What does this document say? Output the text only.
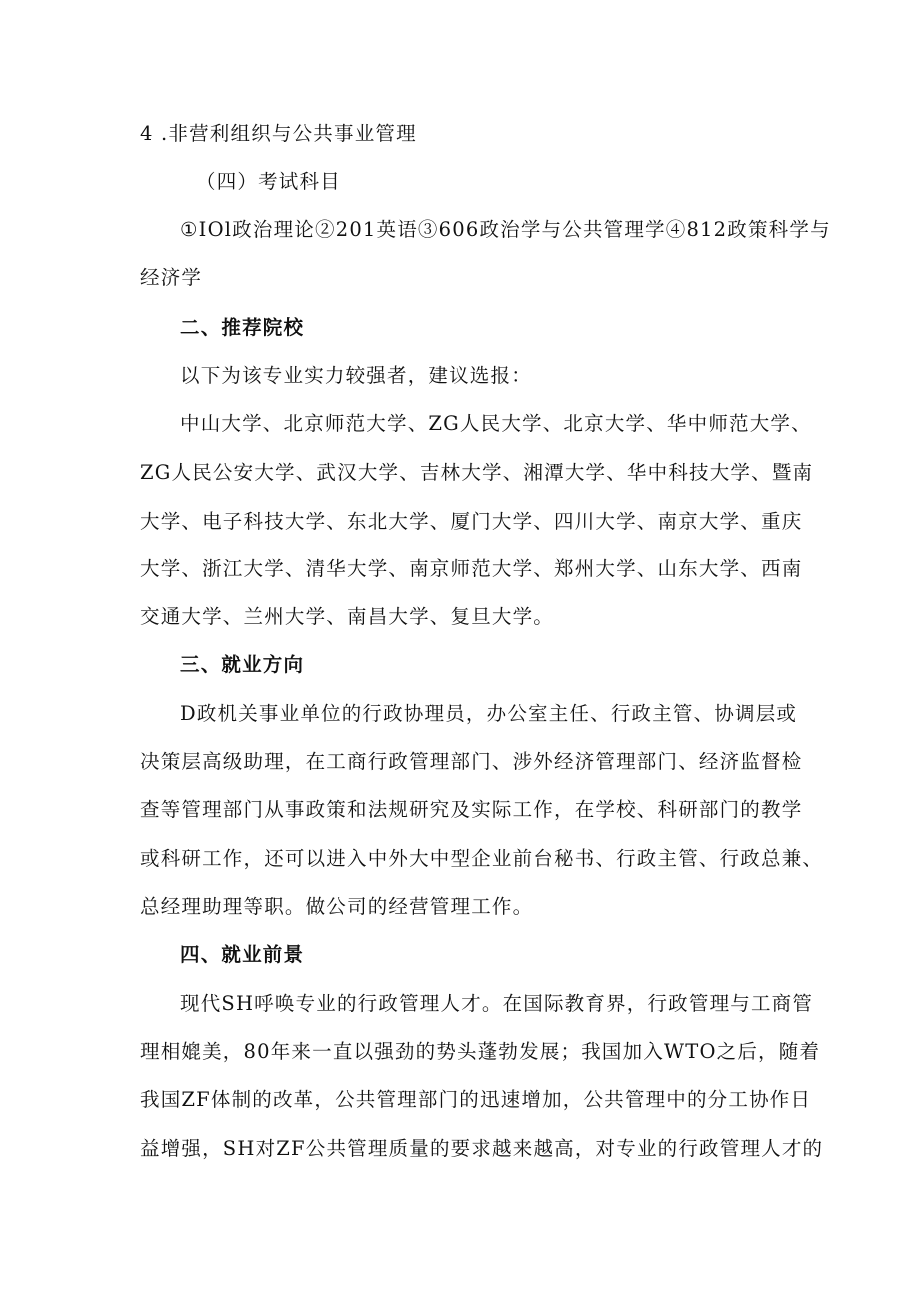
4 .非营利组织与公共事业管理
（四）考试科目
①IOl政治理论②201英语③606政治学与公共管理学④812政策科学与
经济学
二、推荐院校
以下为该专业实力较强者，建议选报：
中山大学、北京师范大学、ZG人民大学、北京大学、华中师范大学、
ZG人民公安大学、武汉大学、吉林大学、湘潭大学、华中科技大学、暨南
大学、电子科技大学、东北大学、厦门大学、四川大学、南京大学、重庆
大学、浙江大学、清华大学、南京师范大学、郑州大学、山东大学、西南
交通大学、兰州大学、南昌大学、复旦大学。
三、就业方向
D政机关事业单位的行政协理员，办公室主任、行政主管、协调层或
决策层高级助理，在工商行政管理部门、涉外经济管理部门、经济监督检
查等管理部门从事政策和法规研究及实际工作，在学校、科研部门的教学
或科研工作，还可以进入中外大中型企业前台秘书、行政主管、行政总兼、
总经理助理等职。做公司的经营管理工作。
四、就业前景
现代SH呼唤专业的行政管理人才。在国际教育界，行政管理与工商管
理相媲美，80年来一直以强劲的势头蓬勃发展；我国加入WTO之后，随着
我国ZF体制的改革，公共管理部门的迅速增加，公共管理中的分工协作日
益增强，SH对ZF公共管理质量的要求越来越高，对专业的行政管理人才的
